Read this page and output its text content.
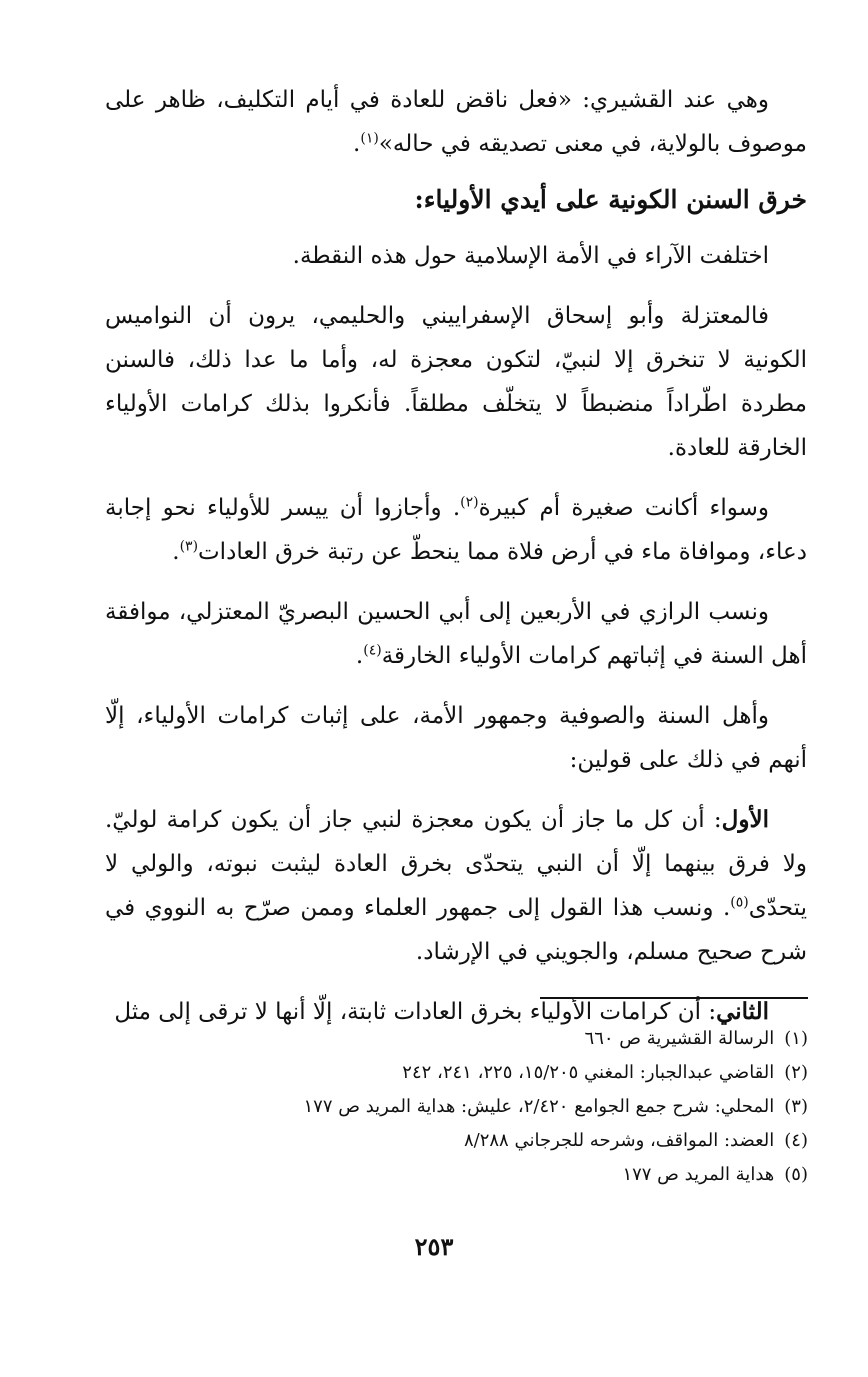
وهي عند القشيري: «فعل ناقض للعادة في أيام التكليف، ظاهر على موصوف بالولاية، في معنى تصديقه في حاله»$^{(١)}$.

خرق السنن الكونية على أيدي الأولياء:

اختلفت الآراء في الأمة الإسلامية حول هذه النقطة.

فالمعتزلة وأبو إسحاق الإسفراييني والحليمي، يرون أن النواميس الكونية لا تنخرق إلا لنبيّ، لتكون معجزة له، وأما ما عدا ذلك، فالسنن مطردة اطّراداً منضبطاً لا يتخلّف مطلقاً. فأنكروا بذلك كرامات الأولياء الخارقة للعادة.

وسواء أكانت صغيرة أم كبيرة$^{(٢)}$. وأجازوا أن ييسر للأولياء نحو إجابة دعاء، وموافاة ماء في أرض فلاة مما ينحطّ عن رتبة خرق العادات$^{(٣)}$.

ونسب الرازي في الأربعين إلى أبي الحسين البصريّ المعتزلي، موافقة أهل السنة في إثباتهم كرامات الأولياء الخارقة$^{(٤)}$.

وأهل السنة والصوفية وجمهور الأمة، على إثبات كرامات الأولياء، إلّا أنهم في ذلك على قولين:

الأول: أن كل ما جاز أن يكون معجزة لنبي جاز أن يكون كرامة لوليّ. ولا فرق بينهما إلّا أن النبي يتحدّى بخرق العادة ليثبت نبوته، والولي لا يتحدّى$^{(٥)}$. ونسب هذا القول إلى جمهور العلماء وممن صرّح به النووي في شرح صحيح مسلم، والجويني في الإرشاد.

الثاني: أن كرامات الأولياء بخرق العادات ثابتة، إلّا أنها لا ترقى إلى مثل

(١)الرسالة القشيرية ص ٦٦٠

(٢)القاضي عبدالجبار: المغني ١٥/٢٠٥، ٢٢٥، ٢٤١، ٢٤٢

(٣)المحلي: شرح جمع الجوامع ٢/٤٢٠، عليش: هداية المريد ص ١٧٧

(٤)العضد: المواقف، وشرحه للجرجاني ٨/٢٨٨

(٥)هداية المريد ص ١٧٧

٢٥٣
